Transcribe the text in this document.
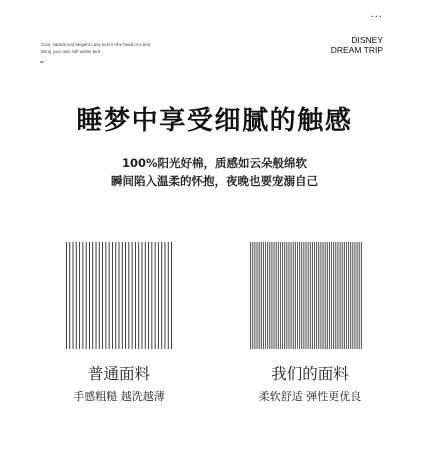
...
Cool, natural and elegant Lazy nest in the head of a bed
Bring your own soft winter bed
“
DISNEY
DREAM TRIP
睡梦中享受细腻的触感
100%阳光好棉，质感如云朵般绵软
瞬间陷入温柔的怀抱，夜晚也要宠溺自己
普通面料
手感粗糙 越洗越薄
我们的面料
柔软舒适 弹性更优良
